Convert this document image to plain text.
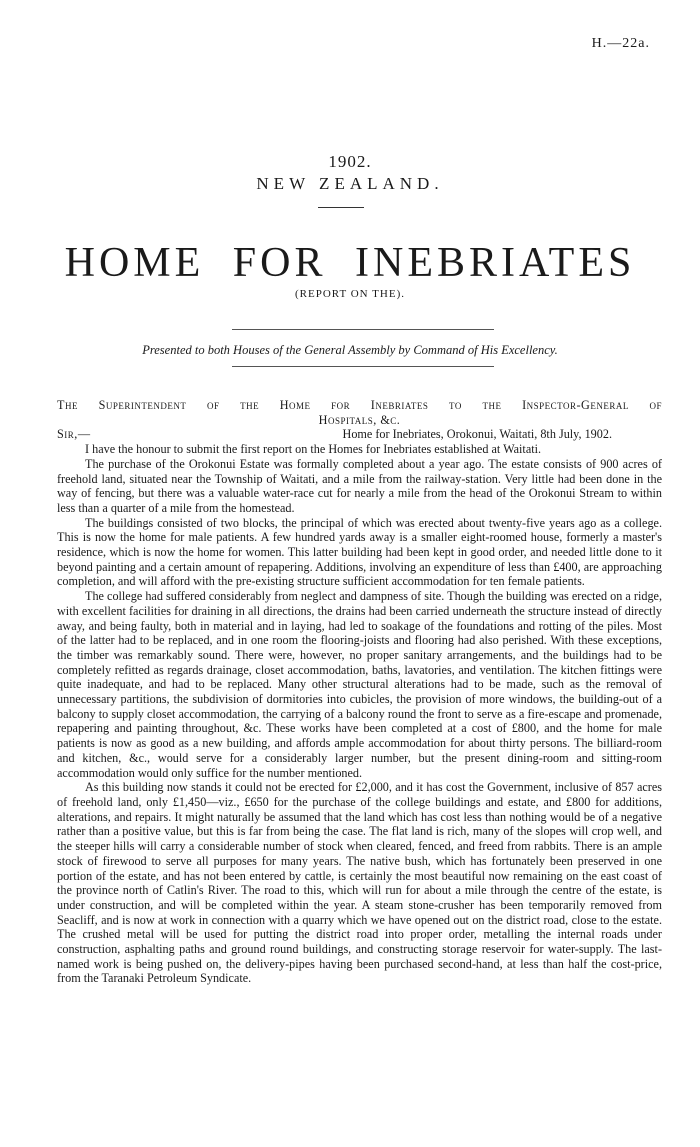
H.—22a.
1902.
NEW ZEALAND.
HOME FOR INEBRIATES
(REPORT ON THE).
Presented to both Houses of the General Assembly by Command of His Excellency.

The Superintendent of the Home for Inebriates to the Inspector-General of

Hospitals, &c.

Sir,—	Home for Inebriates, Orokonui, Waitati, 8th July, 1902.

I have the honour to submit the first report on the Homes for Inebriates established at Waitati.

The purchase of the Orokonui Estate was formally completed about a year ago. The estate consists of 900 acres of freehold land, situated near the Township of Waitati, and a mile from the railway-station. Very little had been done in the way of fencing, but there was a valuable water-race cut for nearly a mile from the head of the Orokonui Stream to within less than a quarter of a mile from the homestead.

The buildings consisted of two blocks, the principal of which was erected about twenty-five years ago as a college. This is now the home for male patients. A few hundred yards away is a smaller eight-roomed house, formerly a master's residence, which is now the home for women. This latter building had been kept in good order, and needed little done to it beyond painting and a certain amount of repapering. Additions, involving an expenditure of less than £400, are approaching completion, and will afford with the pre-existing structure sufficient accommodation for ten female patients.

The college had suffered considerably from neglect and dampness of site. Though the building was erected on a ridge, with excellent facilities for draining in all directions, the drains had been carried underneath the structure instead of directly away, and being faulty, both in material and in laying, had led to soakage of the foundations and rotting of the piles. Most of the latter had to be replaced, and in one room the flooring-joists and flooring had also perished. With these exceptions, the timber was remarkably sound. There were, however, no proper sanitary arrangements, and the buildings had to be completely refitted as regards drainage, closet accommodation, baths, lavatories, and ventilation. The kitchen fittings were quite inadequate, and had to be replaced. Many other structural alterations had to be made, such as the removal of unnecessary partitions, the subdivision of dormitories into cubicles, the provision of more windows, the building-out of a balcony to supply closet accommodation, the carrying of a balcony round the front to serve as a fire-escape and promenade, repapering and painting throughout, &c. These works have been completed at a cost of £800, and the home for male patients is now as good as a new building, and affords ample accommodation for about thirty persons. The billiard-room and kitchen, &c., would serve for a considerably larger number, but the present dining-room and sitting-room accommodation would only suffice for the number mentioned.

As this building now stands it could not be erected for £2,000, and it has cost the Government, inclusive of 857 acres of freehold land, only £1,450—viz., £650 for the purchase of the college buildings and estate, and £800 for additions, alterations, and repairs. It might naturally be assumed that the land which has cost less than nothing would be of a negative rather than a positive value, but this is far from being the case. The flat land is rich, many of the slopes will crop well, and the steeper hills will carry a considerable number of stock when cleared, fenced, and freed from rabbits. There is an ample stock of firewood to serve all purposes for many years. The native bush, which has fortunately been preserved in one portion of the estate, and has not been entered by cattle, is certainly the most beautiful now remaining on the east coast of the province north of Catlin's River. The road to this, which will run for about a mile through the centre of the estate, is under construction, and will be completed within the year. A steam stone-crusher has been temporarily removed from Seacliff, and is now at work in connection with a quarry which we have opened out on the district road, close to the estate. The crushed metal will be used for putting the district road into proper order, metalling the internal roads under construction, asphalting paths and ground round buildings, and constructing storage reservoir for water-supply. The last-named work is being pushed on, the delivery-pipes having been purchased second-hand, at less than half the cost-price, from the Taranaki Petroleum Syndicate.
